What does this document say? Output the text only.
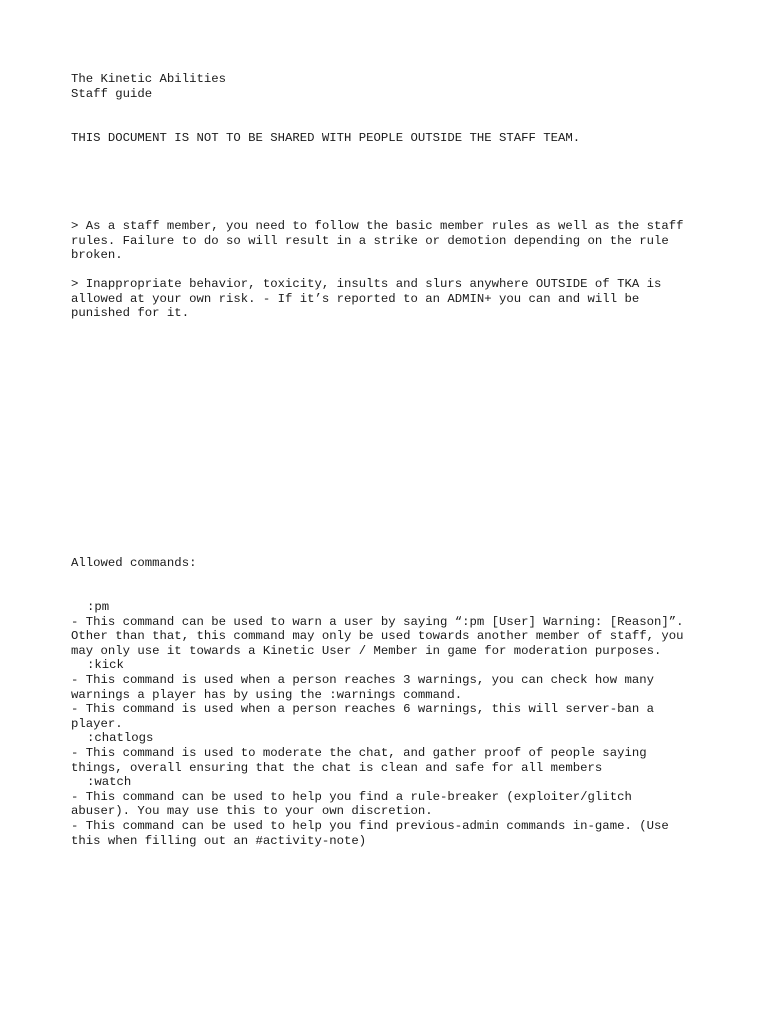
The Kinetic Abilities
Staff guide
THIS DOCUMENT IS NOT TO BE SHARED WITH PEOPLE OUTSIDE THE STAFF TEAM.
> As a staff member, you need to follow the basic member rules as well as the staff
rules. Failure to do so will result in a strike or demotion depending on the rule
broken.
> Inappropriate behavior, toxicity, insults and slurs anywhere OUTSIDE of TKA is
allowed at your own risk. - If it’s reported to an ADMIN+ you can and will be
punished for it.
Allowed commands:
:pm
- This command can be used to warn a user by saying “:pm [User] Warning: [Reason]”.
Other than that, this command may only be used towards another member of staff, you
may only use it towards a Kinetic User / Member in game for moderation purposes.
:kick
- This command is used when a person reaches 3 warnings, you can check how many
warnings a player has by using the :warnings command.
- This command is used when a person reaches 6 warnings, this will server-ban a
player.
:chatlogs
- This command is used to moderate the chat, and gather proof of people saying
things, overall ensuring that the chat is clean and safe for all members
:watch
- This command can be used to help you find a rule-breaker (exploiter/glitch
abuser). You may use this to your own discretion.
- This command can be used to help you find previous-admin commands in-game. (Use
this when filling out an #activity-note)
